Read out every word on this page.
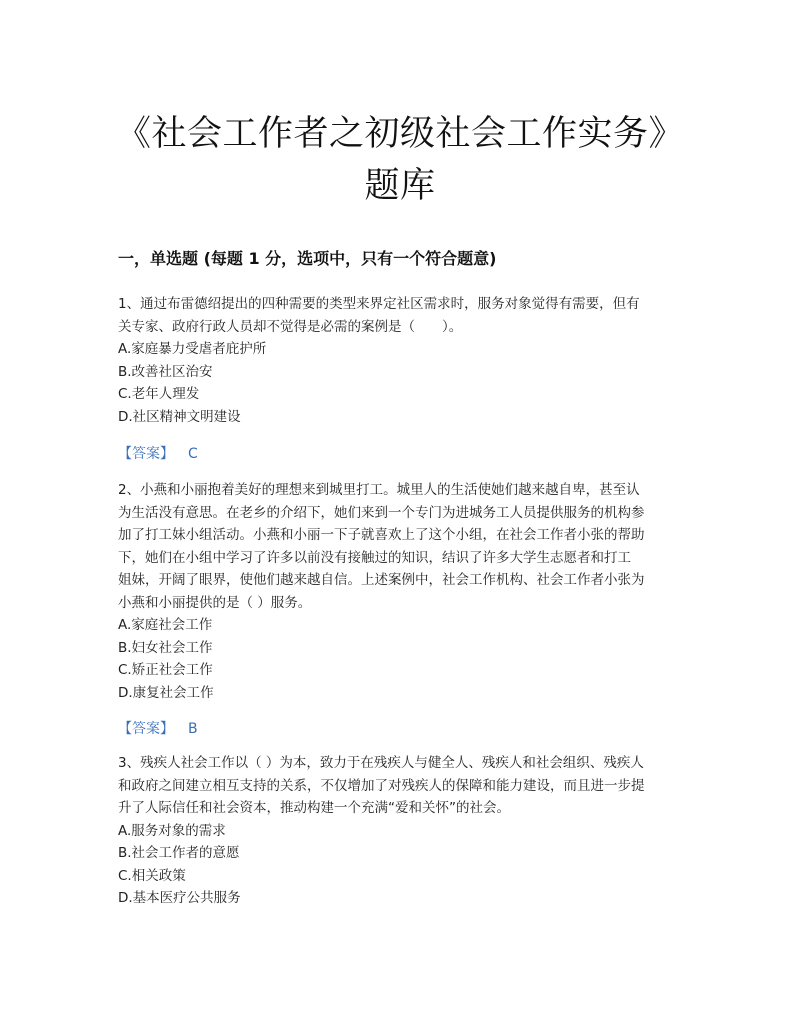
《社会工作者之初级社会工作实务》
题库
一，单选题 (每题 1 分，选项中，只有一个符合题意)

1、通过布雷德绍提出的四种需要的类型来界定社区需求时，服务对象觉得有需要，但有

关专家、政府行政人员却不觉得是必需的案例是（　　）。

A.家庭暴力受虐者庇护所

B.改善社区治安

C.老年人理发

D.社区精神文明建设

【答案】 C

2、小燕和小丽抱着美好的理想来到城里打工。城里人的生活使她们越来越自卑，甚至认

为生活没有意思。在老乡的介绍下，她们来到一个专门为进城务工人员提供服务的机构参

加了打工妹小组活动。小燕和小丽一下子就喜欢上了这个小组，在社会工作者小张的帮助

下，她们在小组中学习了许多以前没有接触过的知识，结识了许多大学生志愿者和打工

姐妹，开阔了眼界，使他们越来越自信。上述案例中，社会工作机构、社会工作者小张为

小燕和小丽提供的是（ ）服务。

A.家庭社会工作

B.妇女社会工作

C.矫正社会工作

D.康复社会工作

【答案】 B

3、残疾人社会工作以（ ）为本，致力于在残疾人与健全人、残疾人和社会组织、残疾人

和政府之间建立相互支持的关系，不仅增加了对残疾人的保障和能力建设，而且进一步提

升了人际信任和社会资本，推动构建一个充满“爱和关怀”的社会。

A.服务对象的需求

B.社会工作者的意愿

C.相关政策

D.基本医疗公共服务
